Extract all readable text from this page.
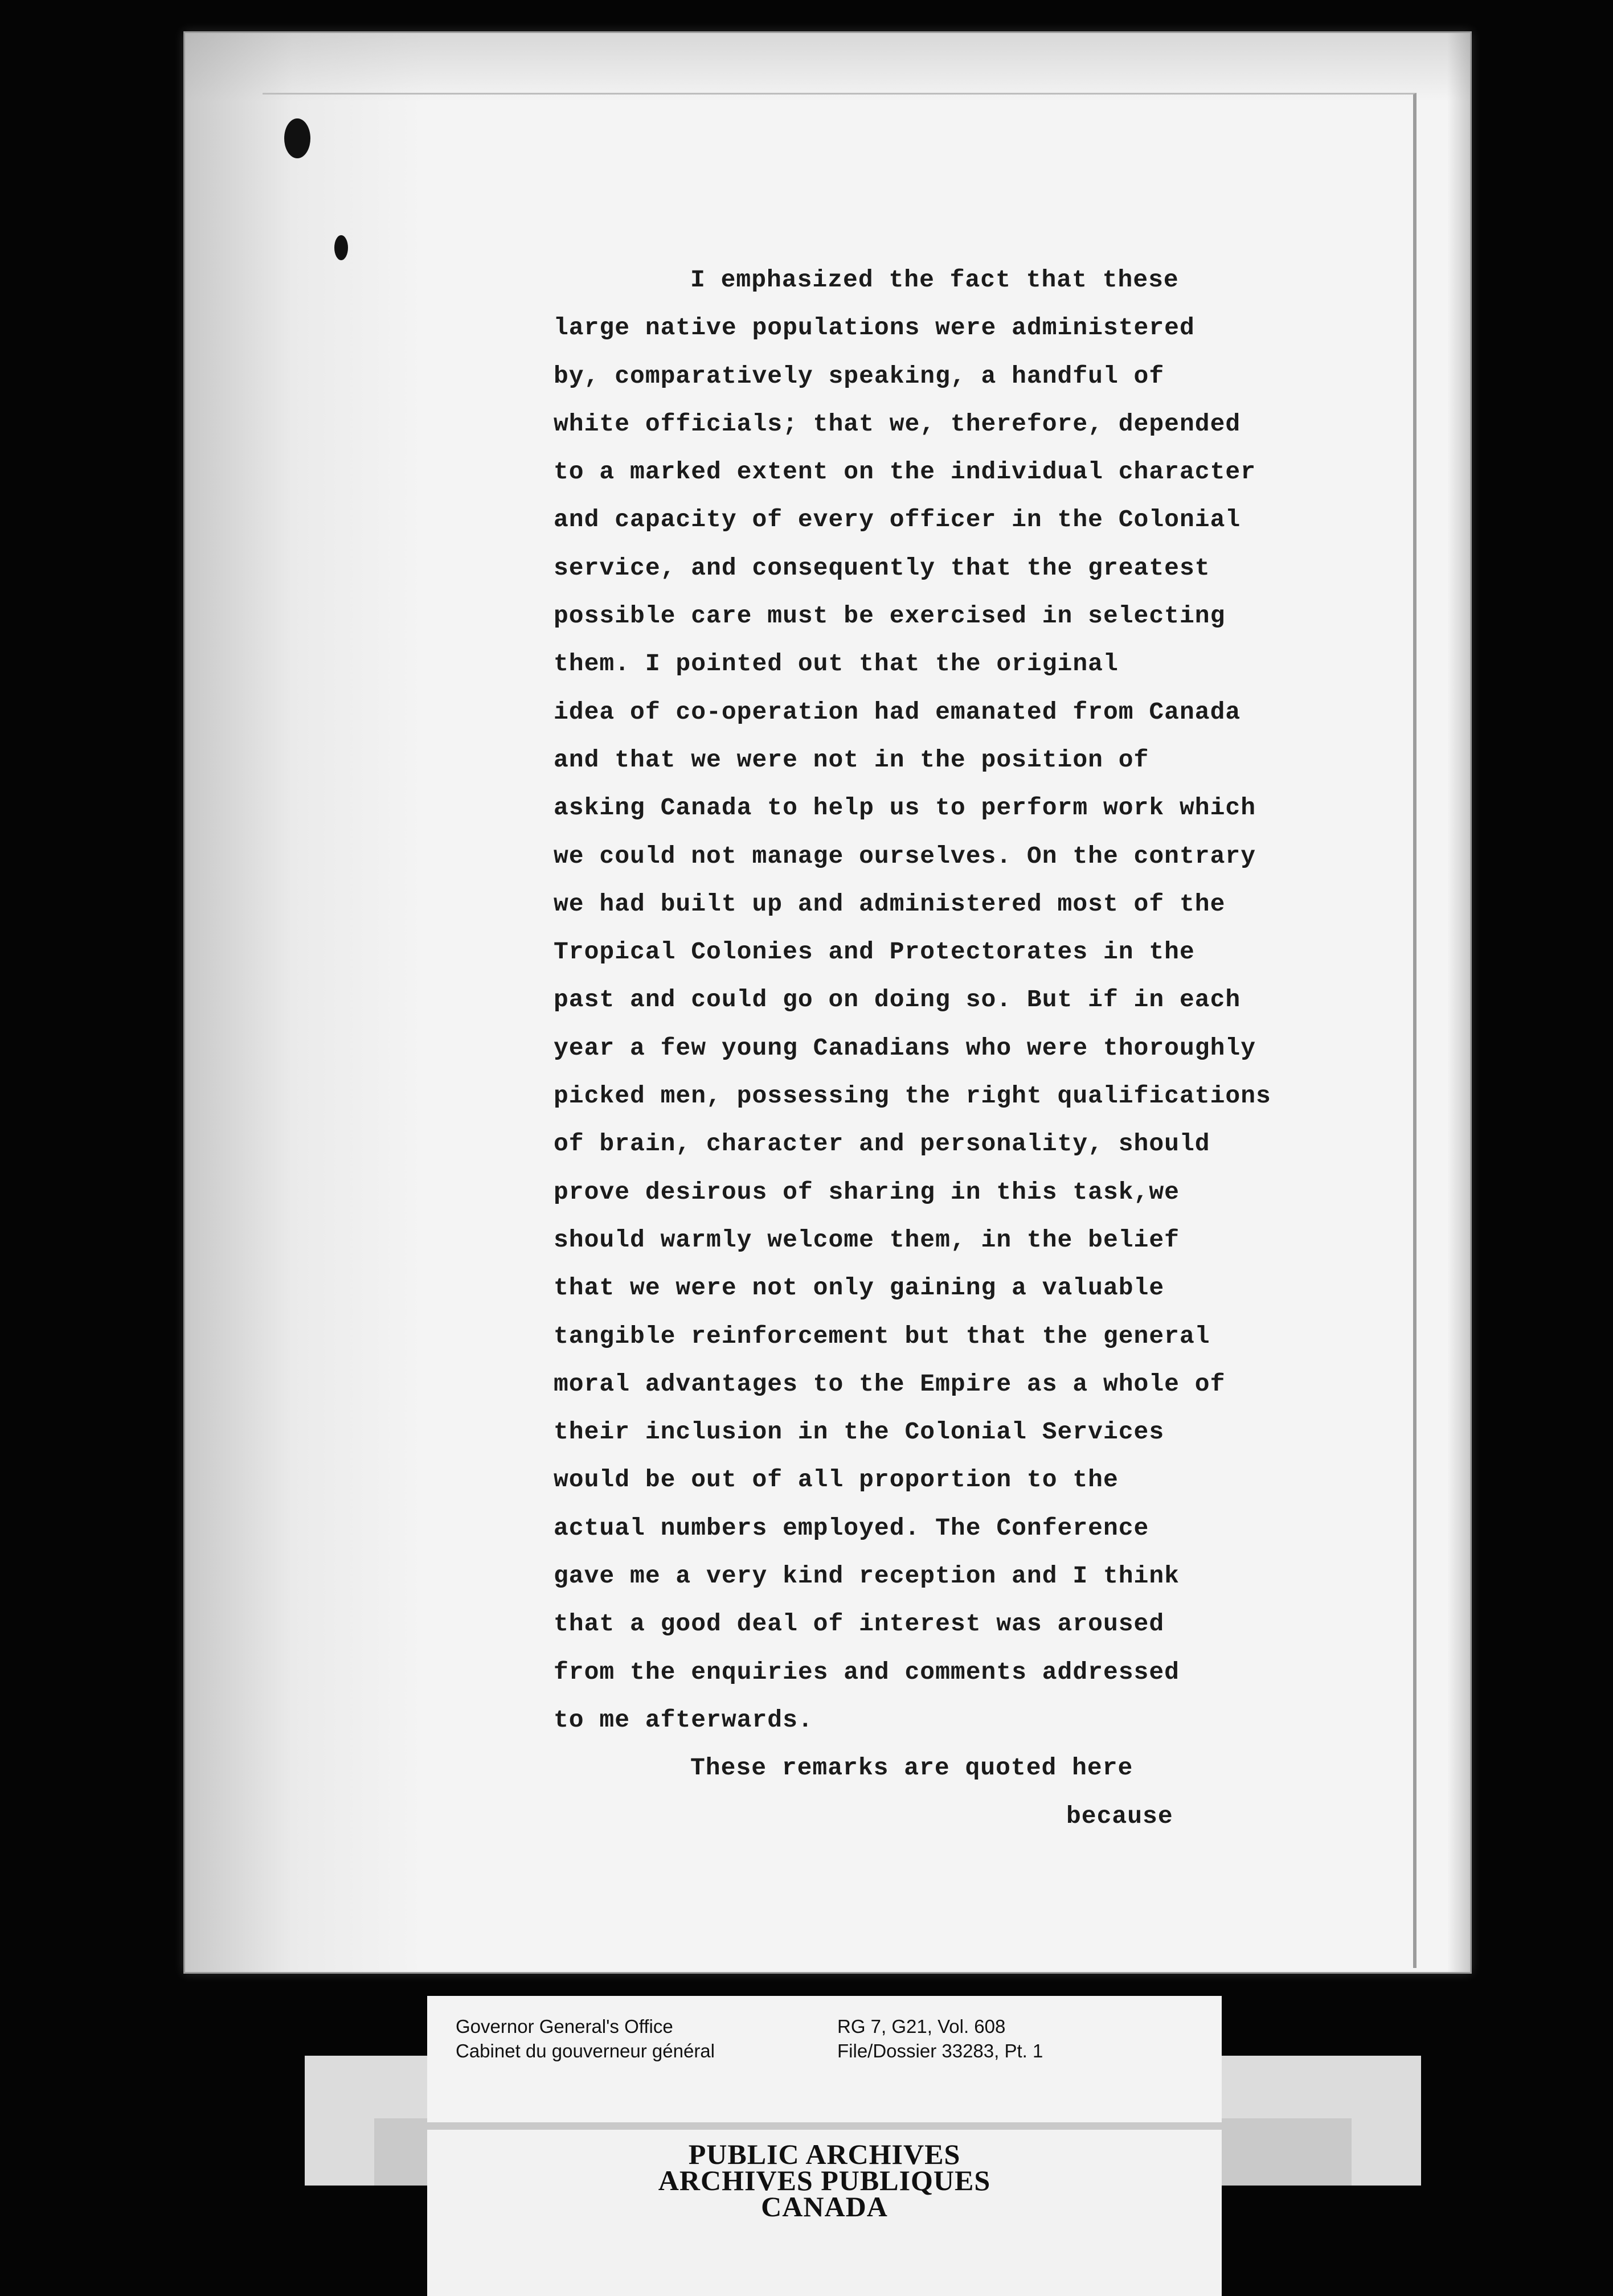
I emphasized the fact that these
large native populations were administered
by, comparatively speaking, a handful of
white officials; that we, therefore, depended
to a marked extent on the individual character
and capacity of every officer in the Colonial
service, and consequently that the greatest
possible care must be exercised in selecting
them. I pointed out that the original
idea of co-operation had emanated from Canada
and that we were not in the position of
asking Canada to help us to perform work which
we could not manage ourselves. On the contrary
we had built up and administered most of the
Tropical Colonies and Protectorates in the
past and could go on doing so. But if in each
year a few young Canadians who were thoroughly
picked men, possessing the right qualifications
of brain, character and personality, should
prove desirous of sharing in this task,we
should warmly welcome them, in the belief
that we were not only gaining a valuable
tangible reinforcement but that the general
moral advantages to the Empire as a whole of
their inclusion in the Colonial Services
would be out of all proportion to the
actual numbers employed. The Conference
gave me a very kind reception and I think
that a good deal of interest was aroused
from the enquiries and comments addressed
to me afterwards.
These remarks are quoted here
because
Governor General's Office
Cabinet du gouverneur général
RG 7, G21, Vol. 608
File/Dossier 33283, Pt. 1
PUBLIC ARCHIVES
ARCHIVES PUBLIQUES
CANADA
